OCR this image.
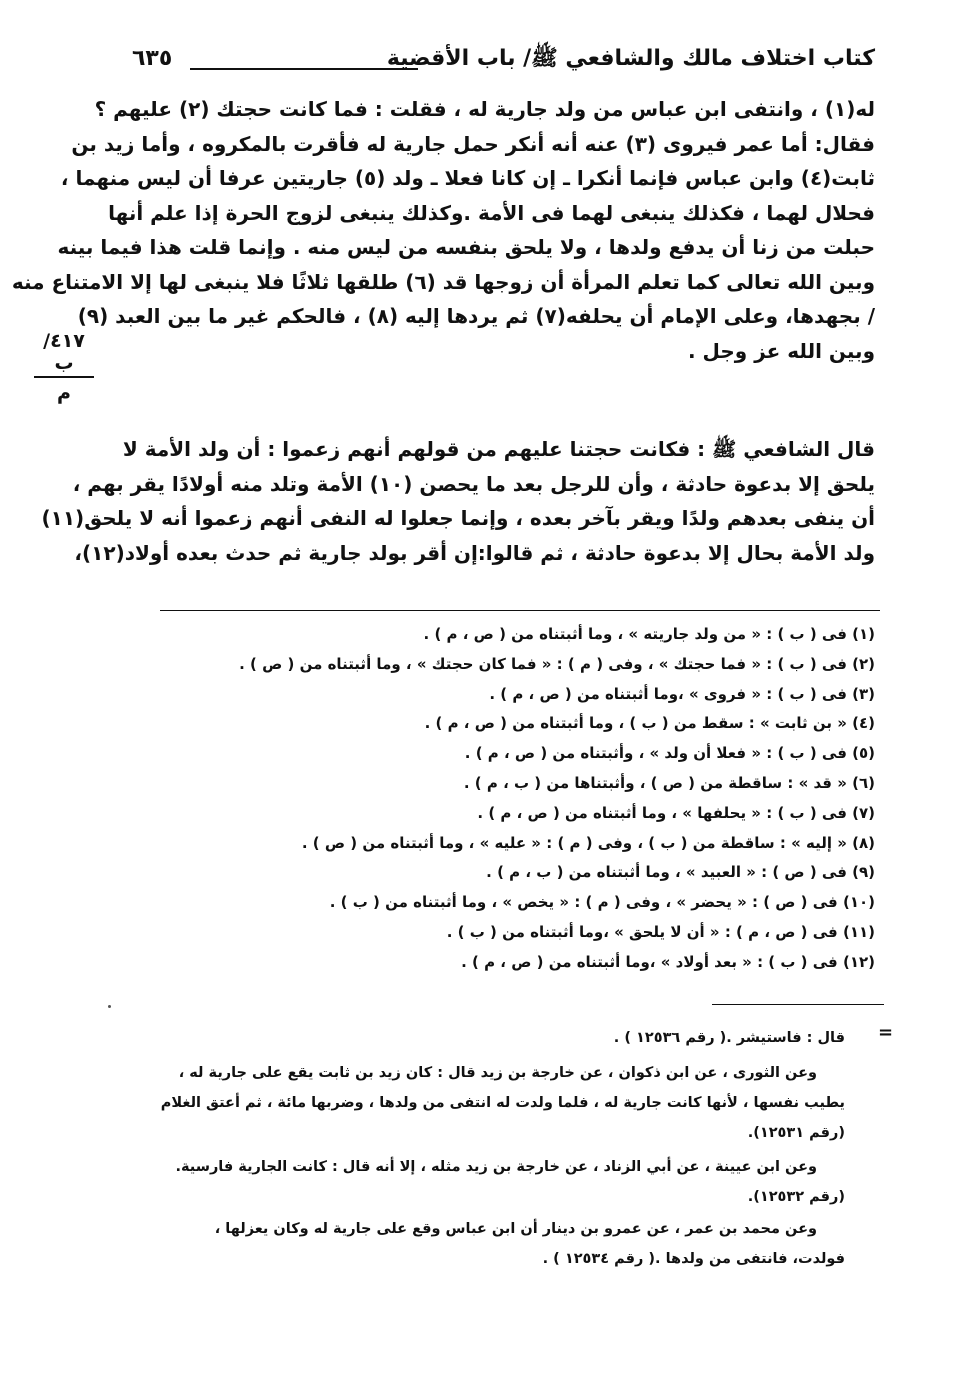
كتاب اختلاف مالك والشافعي ﷺ/ باب الأقضية
٦٣٥
له(١) ، وانتفى ابن عباس من ولد جارية له ، فقلت : فما كانت حجتك (٢) عليهم ؟
فقال: أما عمر فيروى (٣) عنه أنه أنكر حمل جارية له فأقرت بالمكروه ، وأما زيد بن
ثابت(٤) وابن عباس فإنما أنكرا ـ إن كانا فعلا ـ ولد (٥) جاريتين عرفا أن ليس منهما ،
فحلال لهما ، فكذلك ينبغى لهما فى الأمة .وكذلك ينبغى لزوج الحرة إذا علم أنها
حبلت من زنا أن يدفع ولدها ، ولا يلحق بنفسه من ليس منه . وإنما قلت هذا فيما بينه
وبين الله تعالى كما تعلم المرأة أن زوجها قد (٦) طلقها ثلاثًا فلا ينبغى لها إلا الامتناع منه
/ بجهدها، وعلى الإمام أن يحلفه(٧) ثم يردها إليه (٨) ، فالحكم غير ما بين العبد (٩)
وبين الله عز وجل .
٤١٧/ب
م
قال الشافعي ﷺ : فكانت حجتنا عليهم من قولهم أنهم زعموا : أن ولد الأمة لا
يلحق إلا بدعوة حادثة ، وأن للرجل بعد ما يحصن (١٠) الأمة وتلد منه أولادًا يقر بهم ،
أن ينفى بعدهم ولدًا ويقر بآخر بعده ، وإنما جعلوا له النفى أنهم زعموا أنه لا يلحق(١١)
ولد الأمة بحال إلا بدعوة حادثة ، ثم قالوا:إن أقر بولد جارية ثم حدث بعده أولاد(١٢)،
(١) فى ( ب ) : « من ولد جاريته » ، وما أثبتناه من ( ص ، م ) .
(٢) فى ( ب ) : « فما حجتك » ، وفى ( م ) : « فما كان حجتك » ، وما أثبتناه من ( ص ) .
(٣) فى ( ب ) : « فروى » ،وما أثبتناه من ( ص ، م ) .
(٤) « بن ثابت » : سقط من ( ب ) ، وما أثبتناه من ( ص ، م ) .
(٥) فى ( ب ) : « فعلا أن ولد » ، وأثبتناه من ( ص ، م ) .
(٦) « قد » : ساقطة من ( ص ) ، وأثبتناها من ( ب ، م ) .
(٧) فى ( ب ) : « يحلفها » ، وما أثبتناه من ( ص ، م ) .
(٨) « إليه » : ساقطة من ( ب ) ، وفى ( م ) : « عليه » ، وما أثبتناه من ( ص ) .
(٩) فى ( ص ) : « العبيد » ، وما أثبتناه من ( ب ، م ) .
(١٠) فى ( ص ) : « يحضر » ، وفى ( م ) : « يخص » ، وما أثبتناه من ( ب ) .
(١١) فى ( ص ، م ) : « أن لا يلحق » ،وما أثبتناه من ( ب ) .
(١٢) فى ( ب ) : « بعد أولاد » ،وما أثبتناه من ( ص ، م ) .
=
قال : فاستيشر .( رقم ١٢٥٣٦ ) .
وعن الثورى ، عن ابن ذكوان ، عن خارجة بن زيد قال : كان زيد بن ثابت يقع على جارية له ،
يطيب نفسها ، لأنها كانت جارية له ، فلما ولدت له انتفى من ولدها ، وضربها مائة ، ثم أعتق الغلام
(رقم ١٢٥٣١).
وعن ابن عيينة ، عن أبي الزناد ، عن خارجة بن زيد مثله ، إلا أنه قال : كانت الجارية فارسية.
(رقم ١٢٥٣٢).
وعن محمد بن عمر ، عن عمرو بن دينار أن ابن عباس وقع على جارية له وكان يعزلها ،
فولدت، فانتفى من ولدها .( رقم ١٢٥٣٤ ) .
